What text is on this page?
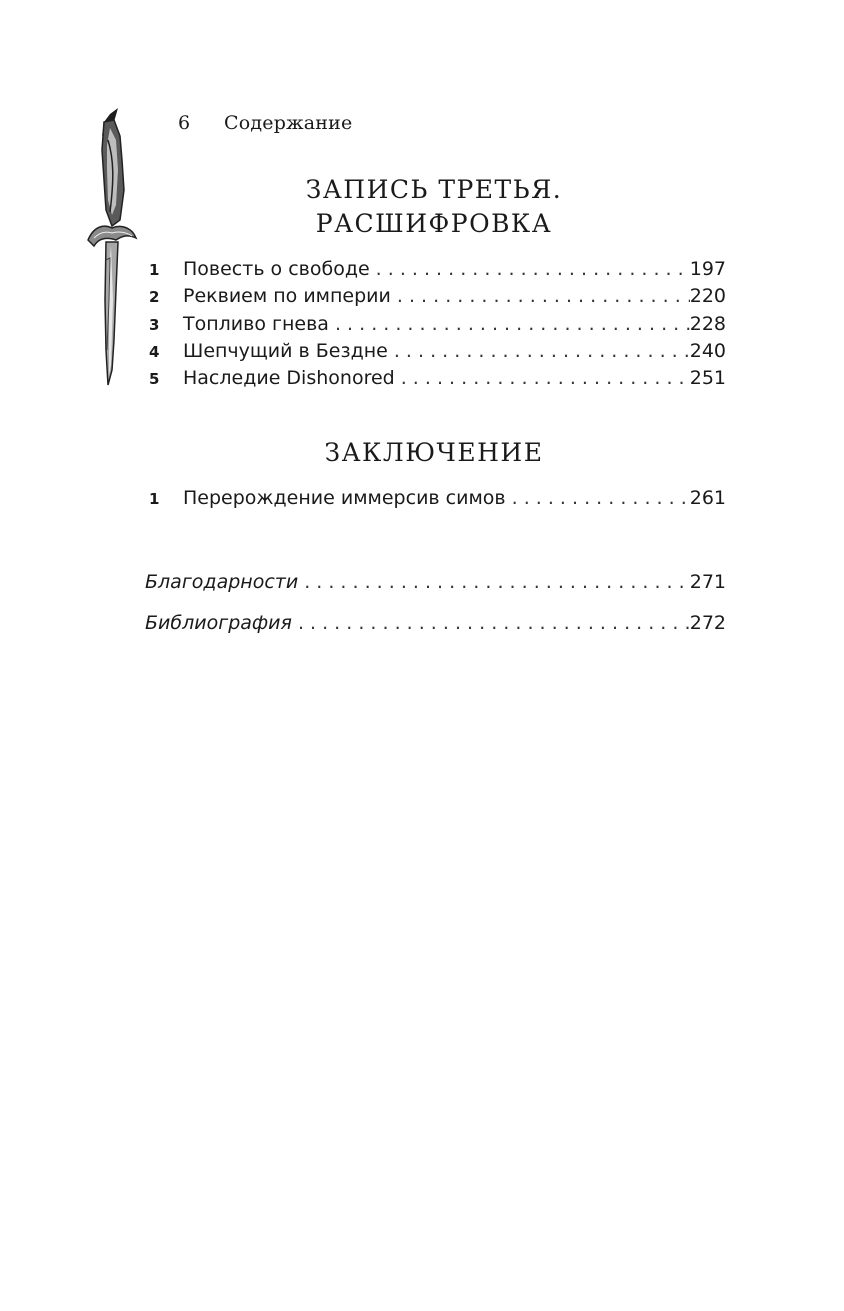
6 Содержание
ЗАПИСЬ ТРЕТЬЯ.
РАСШИФРОВКА
1	Повесть о свободе . . .	197
2	Реквием по империи . . .	220
3	Топливо гнева . . .	228
4	Шепчущий в Бездне . . .	240
5	Наследие Dishonored . . .	251
ЗАКЛЮЧЕНИЕ
1	Перерождение иммерсив симов . . .	261
Благодарности . . .	271
Библиография . . .	272
